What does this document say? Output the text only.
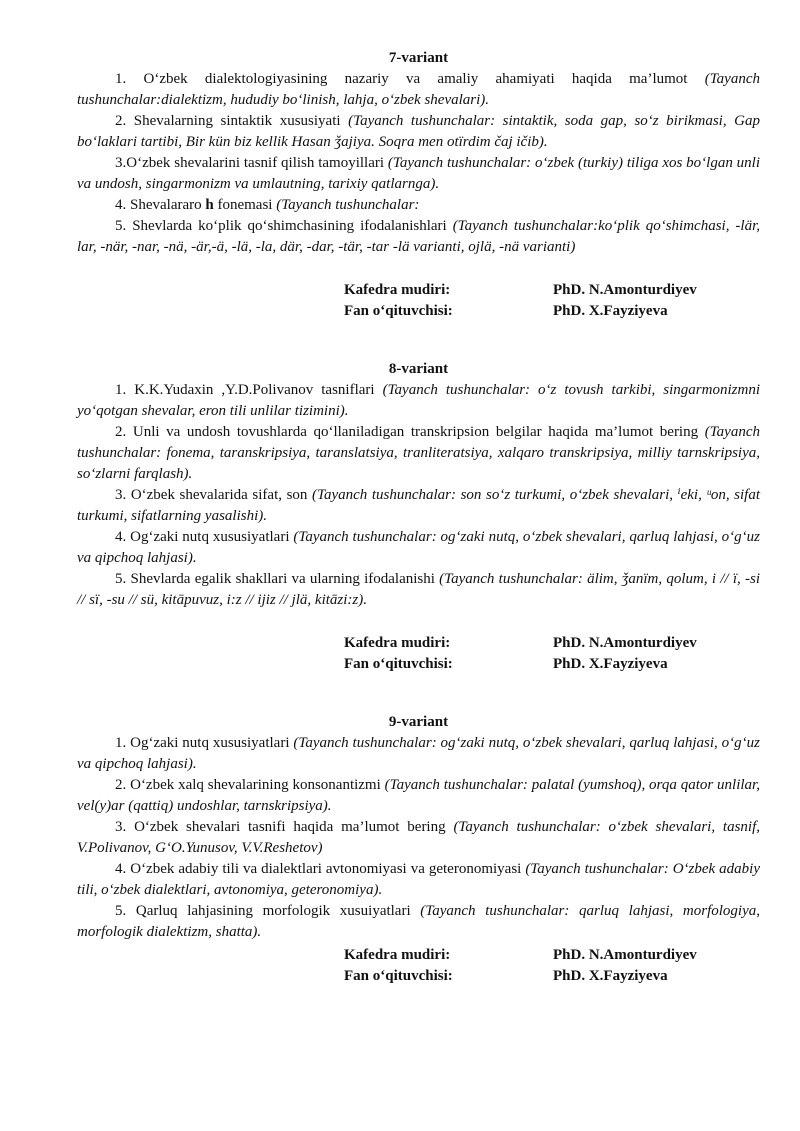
7-variant

1. O‘zbek dialektologiyasining nazariy va amaliy ahamiyati haqida ma’lumot (Tayanch tushunchalar:dialektizm, hududiy bo‘linish, lahja, o‘zbek shevalari).

2. Shevalarning sintaktik xususiyati (Tayanch tushunchalar: sintaktik, soda gap, so‘z birikmasi, Gap bo‘laklari tartibi, Bir kün biz kellik Hasan ǯajiya. Soqra men otïrdim čaj ičib).

3.O‘zbek shevalarini tasnif qilish tamoyillari (Tayanch tushunchalar: o‘zbek (turkiy) tiliga xos bo‘lgan unli va undosh, singarmonizm va umlautning, tarixiy qatlarnga).

4. Shevalararo h fonemasi (Tayanch tushunchalar:

5. Shevlarda ko‘plik qo‘shimchasining ifodalanishlari (Tayanch tushunchalar:ko‘plik qo‘shimchasi, -lär, lar, -när, -nar, -nä, -är,-ä, -lä, -la, där, -dar, -tär, -tar -lä varianti, ojlä, -nä varianti)

Kafedra mudiri:	PhD. N.Amonturdiyev
Fan o‘qituvchisi:	PhD. X.Fayziyeva

8-variant

1. K.K.Yudaxin ,Y.D.Polivanov tasniflari (Tayanch tushunchalar: o‘z tovush tarkibi, singarmonizmni yo‘qotgan shevalar, eron tili unlilar tizimini).

2. Unli va undosh tovushlarda qo‘llaniladigan transkripsion belgilar haqida ma’lumot bering (Tayanch tushunchalar: fonema, taranskripsiya, taranslatsiya, tranliteratsiya, xalqaro transkripsiya, milliy tarnskripsiya, so‘zlarni farqlash).

3. O‘zbek shevalarida sifat, son (Tayanch tushunchalar: son so‘z turkumi, o‘zbek shevalari, ⁱeki, ᵘon, sifat turkumi, sifatlarning yasalishi).

4. Og‘zaki nutq xususiyatlari (Tayanch tushunchalar: og‘zaki nutq, o‘zbek shevalari, qarluq lahjasi, o‘g‘uz va qipchoq lahjasi).

5. Shevlarda egalik shakllari va ularning ifodalanishi (Tayanch tushunchalar: älim, ǯanïm, qolum, i // ï, -si // sï, -su // sü, kitāpuvuz, i:z // ijiz // jlä, kitāzi:z).

Kafedra mudiri:	PhD. N.Amonturdiyev
Fan o‘qituvchisi:	PhD. X.Fayziyeva

9-variant

1. Og‘zaki nutq xususiyatlari (Tayanch tushunchalar: og‘zaki nutq, o‘zbek shevalari, qarluq lahjasi, o‘g‘uz va qipchoq lahjasi).

2. O‘zbek xalq shevalarining konsonantizmi (Tayanch tushunchalar: palatal (yumshoq), orqa qator unlilar, vel(y)ar (qattiq) undoshlar, tarnskripsiya).

3. O‘zbek shevalari tasnifi haqida ma’lumot bering (Tayanch tushunchalar: o‘zbek shevalari, tasnif, V.Polivanov, G‘O.Yunusov, V.V.Reshetov)

4. O‘zbek adabiy tili va dialektlari avtonomiyasi va geteronomiyasi (Tayanch tushunchalar: O‘zbek adabiy tili, o‘zbek dialektlari, avtonomiya, geteronomiya).

5. Qarluq lahjasining morfologik xusuiyatlari (Tayanch tushunchalar: qarluq lahjasi, morfologiya, morfologik dialektizm, shatta).

Kafedra mudiri:	PhD. N.Amonturdiyev
Fan o‘qituvchisi:	PhD. X.Fayziyeva
